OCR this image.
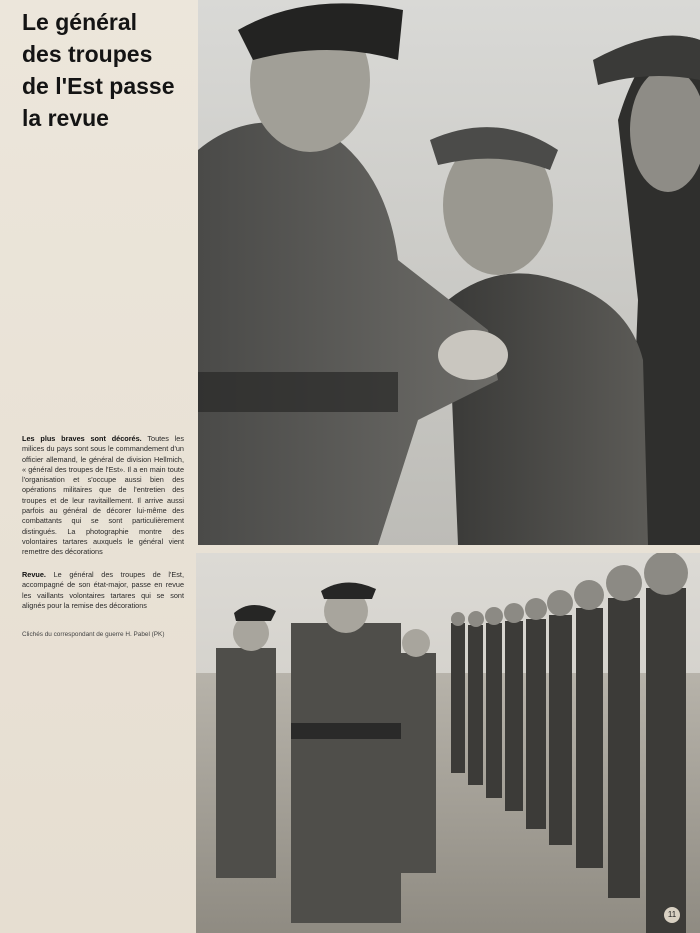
Le général
des troupes
de l'Est passe
la revue

Les plus braves sont décorés. Toutes les milices du pays sont sous le commandement d'un officier allemand, le général de division Hellmich, « général des troupes de l'Est». Il a en main toute l'organisation et s'occupe aussi bien des opérations militaires que de l'entretien des troupes et de leur ravitaillement. Il arrive aussi parfois au général de décorer lui-même des combattants qui se sont particulièrement distingués. La photographie montre des volontaires tartares auxquels le général vient remettre des décorations

Revue. Le général des troupes de l'Est, accompagné de son état-major, passe en revue les vaillants volontaires tartares qui se sont alignés pour la remise des décorations

Clichés du correspondant de guerre H. Pabel (PK)

11
